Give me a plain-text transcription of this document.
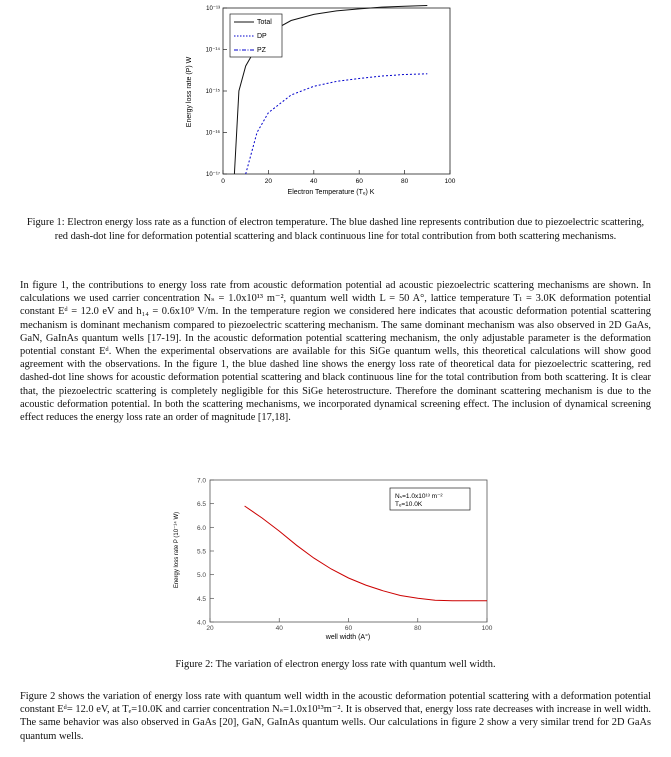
Energy loss rate (P) W
Electron Temperature (Tₑ) K
10⁻¹³
10⁻¹⁴
10⁻¹⁵
10⁻¹⁶
10⁻¹⁷
0	20	40	60	80	100
Total
DP
PZ
Figure 1: Electron energy loss rate as a function of electron temperature. The blue dashed line represents contribution due to piezoelectric scattering, red dash-dot line for deformation potential scattering and black continuous line for total contribution from both scattering mechanisms.
In figure 1, the contributions to energy loss rate from acoustic deformation potential ad acoustic piezoelectric scattering mechanisms are shown. In calculations we used carrier concentration Nₛ = 1.0x10¹³ m⁻², quantum well width L = 50 A°, lattice temperature Tₗ = 3.0K deformation potential constant Eᵈ = 12.0 eV and h₁₄ = 0.6x10⁹ V/m. In the temperature region we considered here indicates that acoustic deformation potential scattering mechanism is dominant mechanism compared to piezoelectric scattering mechanism. The same dominant mechanism was also observed in 2D GaAs, GaN, GaInAs quantum wells [17-19]. In the acoustic deformation potential scattering mechanism, the only adjustable parameter is the deformation potential constant Eᵈ. When the experimental observations are available for this SiGe quantum wells, this theoretical calculations will show good agreement with the observations. In the figure 1, the blue dashed line shows the energy loss rate of theoretical data for piezoelectric scattering, red dashed-dot line shows for acoustic deformation potential scattering and black continuous line for the total contribution from both scattering. It is clear that, the piezoelectric scattering is completely negligible for this SiGe heterostructure. Therefore the dominant scattering mechanism is due to the acoustic deformation potential. In both the scattering mechanisms, we incorporated dynamical screening effect. The inclusion of dynamical screening effect reduces the energy loss rate an order of magnitude [17,18].
Energy loss rate P (10⁻¹⁴ W)
well width (A°)
4.0
4.5
5.0
5.5
6.0
6.5
7.0
20	40	60	80	100
Nₛ=1.0x10¹³ m⁻²
Tₑ=10.0K
Figure 2: The variation of electron energy loss rate with quantum well width.
Figure 2 shows the variation of energy loss rate with quantum well width in the acoustic deformation potential scattering with a deformation potential constant Eᵈ= 12.0 eV, at Tₑ=10.0K and carrier concentration Nₛ=1.0x10¹³m⁻². It is observed that, energy loss rate decreases with increase in well width. The same behavior was also observed in GaAs [20], GaN, GaInAs quantum wells. Our calculations in figure 2 show a very similar trend for 2D GaAs quantum wells.
